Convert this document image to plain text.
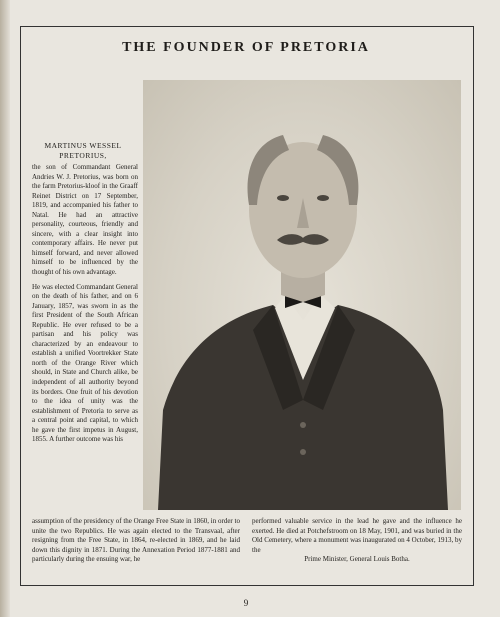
THE FOUNDER OF PRETORIA
MARTINUS WESSEL
PRETORIUS,

the son of Commandant General Andries W. J. Pretorius, was born on the farm Pretorius-kloof in the Graaff Reinet District on 17 September, 1819, and accompanied his father to Natal. He had an attractive personality, courteous, friendly and sincere, with a clear insight into contemporary affairs. He never put himself forward, and never allowed himself to be influenced by the thought of his own advantage.

He was elected Commandant General on the death of his father, and on 6 January, 1857, was sworn in as the first President of the South African Republic. He ever refused to be a partisan and his policy was characterized by an endeavour to establish a unified Voortrekker State north of the Orange River which should, in State and Church alike, be independent of all authority beyond its borders. One fruit of his devotion to the idea of unity was the establishment of Pretoria to serve as a central point and capital, to which he gave the first impetus in August, 1855. A further outcome was his

assumption of the presidency of the Orange Free State in 1860, in order to unite the two Republics. He was again elected to the Transvaal, after resigning from the Free State, in 1864, re-elected in 1869, and he laid down this dignity in 1871. During the Annexation Period 1877-1881 and particularly during the ensuing war, he
performed valuable service in the lead he gave and the influence he exerted. He died at Potchefstroom on 18 May, 1901, and was buried in the Old Cemetery, where a monument was inaugurated on 4 October, 1913, by the
Prime Minister, General Louis Botha.
9
